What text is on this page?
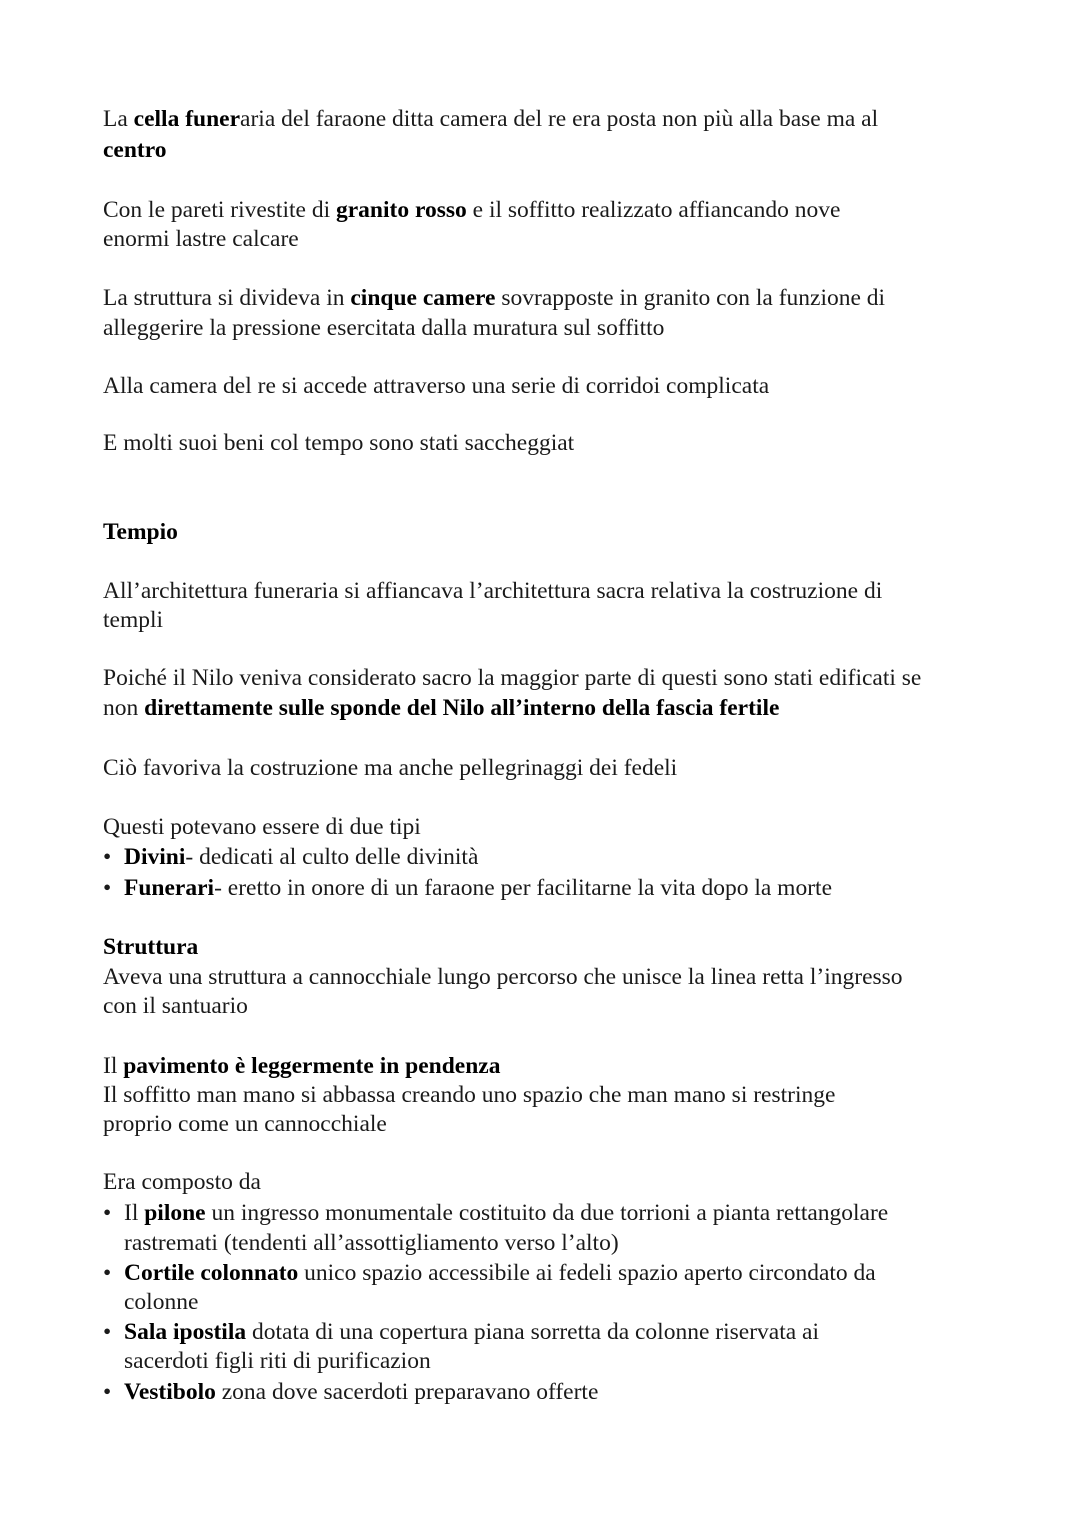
La cella funeraria del faraone ditta camera del re era posta non più alla base ma al
centro
Con le pareti rivestite di granito rosso e il soffitto realizzato affiancando nove
enormi lastre calcare
La struttura si divideva in cinque camere sovrapposte in granito con la funzione di
alleggerire la pressione esercitata dalla muratura sul soffitto
Alla camera del re si accede attraverso una serie di corridoi complicata
E molti suoi beni col tempo sono stati saccheggiat
Tempio
All’architettura funeraria si affiancava l’architettura sacra relativa la costruzione di
templi
Poiché il Nilo veniva considerato sacro la maggior parte di questi sono stati edificati se
non direttamente sulle sponde del Nilo all’interno della fascia fertile
Ciò favoriva la costruzione ma anche pellegrinaggi dei fedeli
Questi potevano essere di due tipi
• Divini- dedicati al culto delle divinità
• Funerari- eretto in onore di un faraone per facilitarne la vita dopo la morte
Struttura
Aveva una struttura a cannocchiale lungo percorso che unisce la linea retta l’ingresso
con il santuario
Il pavimento è leggermente in pendenza
Il soffitto man mano si abbassa creando uno spazio che man mano si restringe
proprio come un cannocchiale
Era composto da
• Il pilone un ingresso monumentale costituito da due torrioni a pianta rettangolare
rastremati (tendenti all’assottigliamento verso l’alto)
• Cortile colonnato unico spazio accessibile ai fedeli spazio aperto circondato da
colonne
• Sala ipostila dotata di una copertura piana sorretta da colonne riservata ai
sacerdoti figli riti di purificazion
• Vestibolo zona dove sacerdoti preparavano offerte
